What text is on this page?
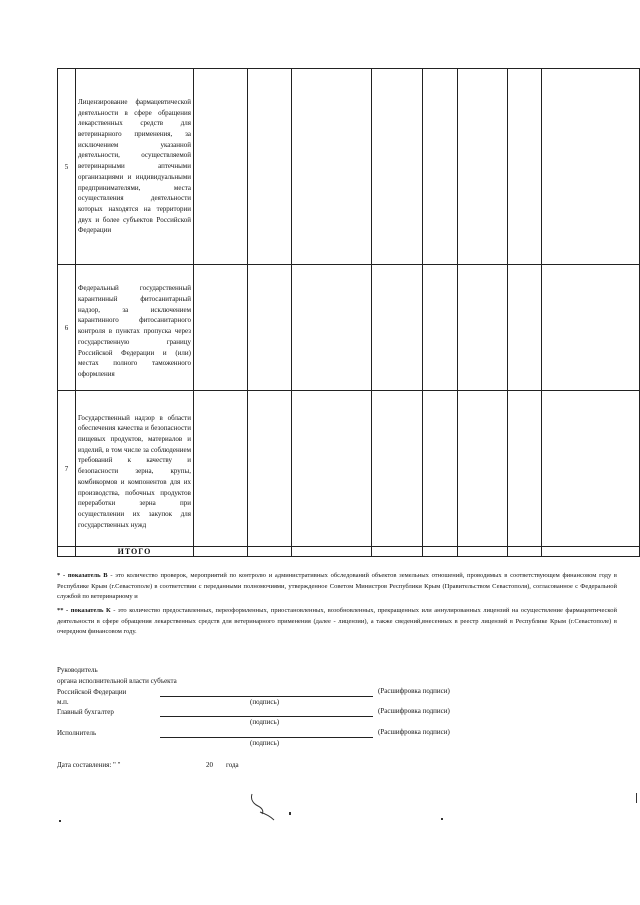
5	Лицензирование фармацевтической деятельности в сфере обращения лекарственных средств для ветеринарного применения, за исключением указанной деятельности, осуществляемой ветеринарными аптечными организациями и индивидуальными предпринимателями, места осуществления деятельности которых находятся на территории двух и более субъектов Российской Федерации								
6	Федеральный государственный карантинный фитосанитарный надзор, за исключением карантинного фитосанитарного контроля в пунктах пропуска через государственную границу Российской Федерации и (или) местах полного таможенного оформления								
7	Государственный надзор в области обеспечения качества и безопасности пищевых продуктов, материалов и изделий, в том числе за соблюдением требований к качеству и безопасности зерна, крупы, комбикормов и компонентов для их производства, побочных продуктов переработки зерна при осуществлении их закупок для государственных нужд								
	ИТОГО								
* - показатель В - это количество проверок, мероприятий по контролю и административных обследований объектов земельных отношений, проводимых в соответствующем финансовом году в Республике Крым (г.Севастополе) в соответствии с переданными полномочиями, утвержденное Советом Министров Республики Крым (Правительством Севастополя), согласованное с Федеральной службой по ветеринарному и
** - показатель К - это количество предоставленных, переоформленных, приостановленных, возобновленных, прекращенных или аннулированных лицензий на осуществление фармацевтической деятельности в сфере обращения лекарственных средств для ветеринарного применения (далее - лицензии), а также сведений,внесенных в реестр лицензий в Республике Крым (г.Севастополе) в очередном финансовом году.
Руководитель
органа исполнительной власти субъекта
Российской Федерации	(Расшифровка подписи)
м.п.	(подпись)
Главный бухгалтер	(Расшифровка подписи)
(подпись)
Исполнитель	(Расшифровка подписи)
(подпись)
Дата составления: " "	20 года
